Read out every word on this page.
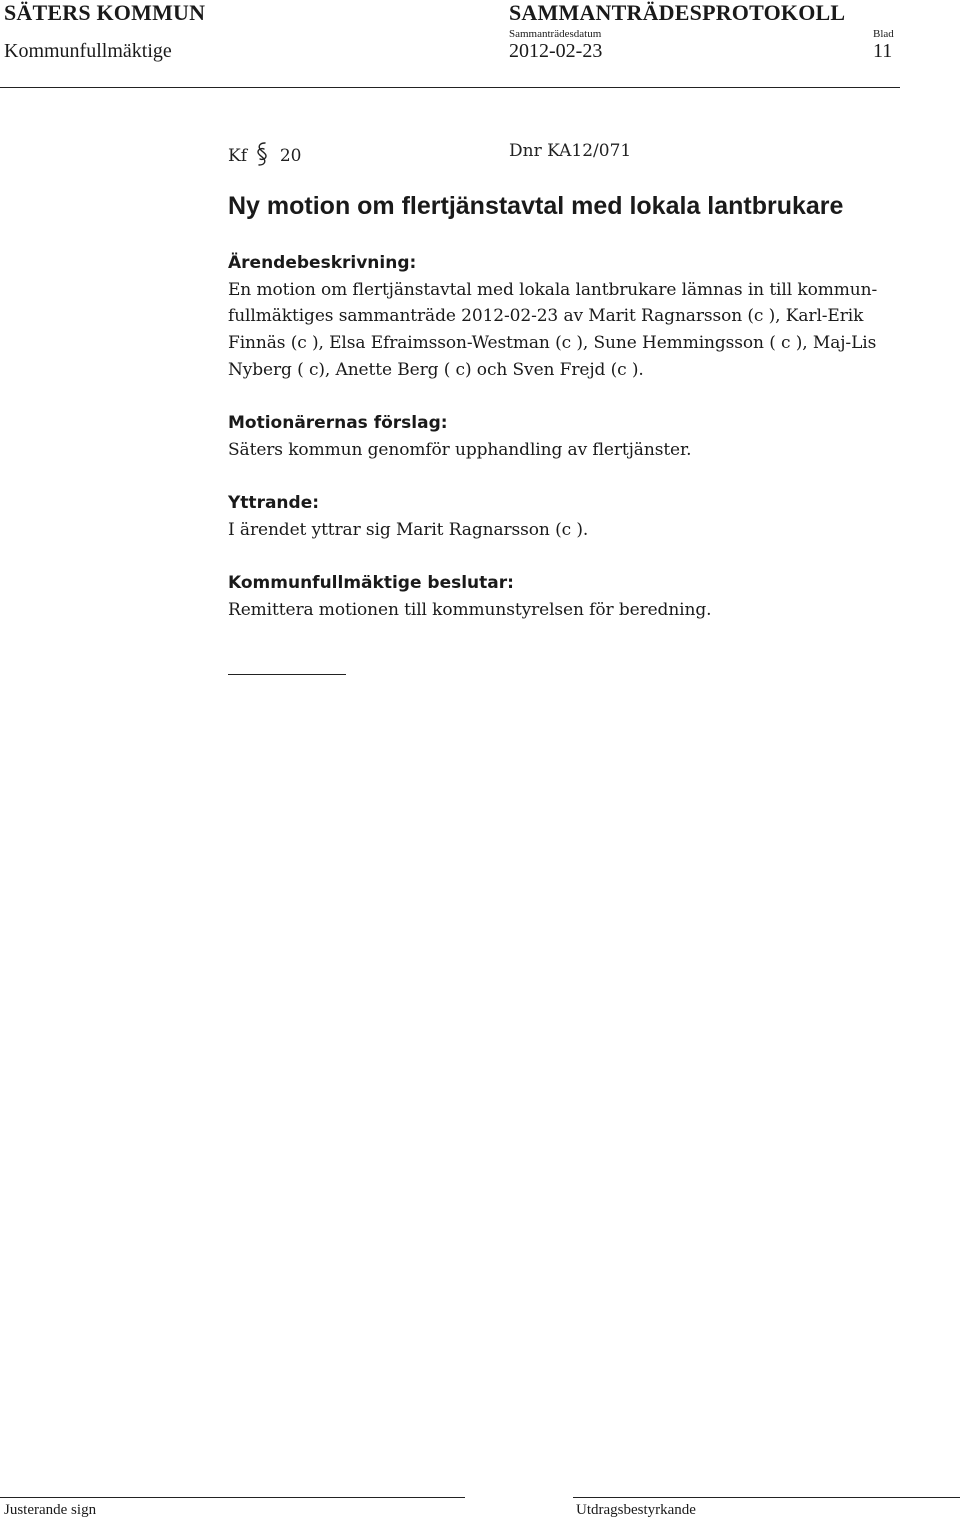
SÄTERS KOMMUN	SAMMANTRÄDESPROTOKOLL
Kommunfullmäktige
Sammanträdesdatum
2012-02-23
Blad
11
Kf 20	Dnr KA12/071
Ny motion om flertjänstavtal med lokala lantbrukare
Ärendebeskrivning:
En motion om flertjänstavtal med lokala lantbrukare lämnas in till kommun-
fullmäktiges sammanträde 2012-02-23 av Marit Ragnarsson (c ), Karl-Erik
Finnäs (c ), Elsa Efraimsson-Westman (c ), Sune Hemmingsson ( c ), Maj-Lis
Nyberg ( c), Anette Berg ( c) och Sven Frejd (c ).
Motionärernas förslag:
Säters kommun genomför upphandling av flertjänster.
Yttrande:
I ärendet yttrar sig Marit Ragnarsson (c ).
Kommunfullmäktige beslutar:
Remittera motionen till kommunstyrelsen för beredning.
Justerande sign	Utdragsbestyrkande
